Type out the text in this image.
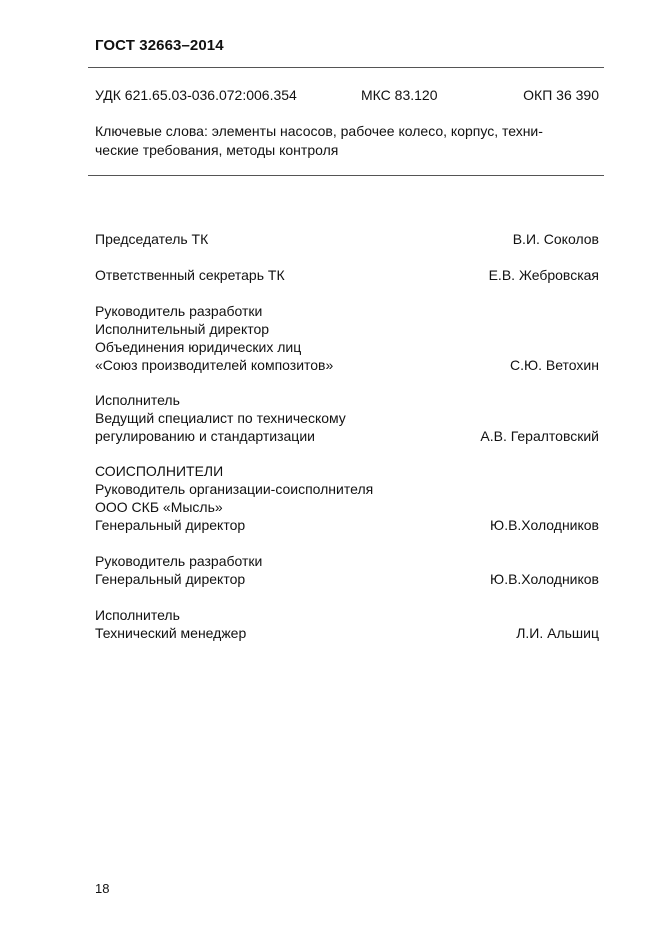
ГОСТ 32663–2014
УДК 621.65.03-036.072:006.354	МКС 83.120	ОКП 36 390

Ключевые слова: элементы насосов, рабочее колесо, корпус, техни-

ческие требования, методы контроля

Председатель ТК	В.И. Соколов
Ответственный секретарь ТК	Е.В. Жебровская
Руководитель разработки
Исполнительный директор
Объединения юридических лиц
«Союз производителей композитов»	С.Ю. Ветохин
Исполнитель
Ведущий специалист по техническому
регулированию и стандартизации	А.В. Гералтовский
СОИСПОЛНИТЕЛИ
Руководитель организации-соисполнителя
ООО СКБ «Мысль»
Генеральный директор	Ю.В.Холодников
Руководитель разработки
Генеральный директор	Ю.В.Холодников
Исполнитель
Технический менеджер	Л.И. Альшиц
18
